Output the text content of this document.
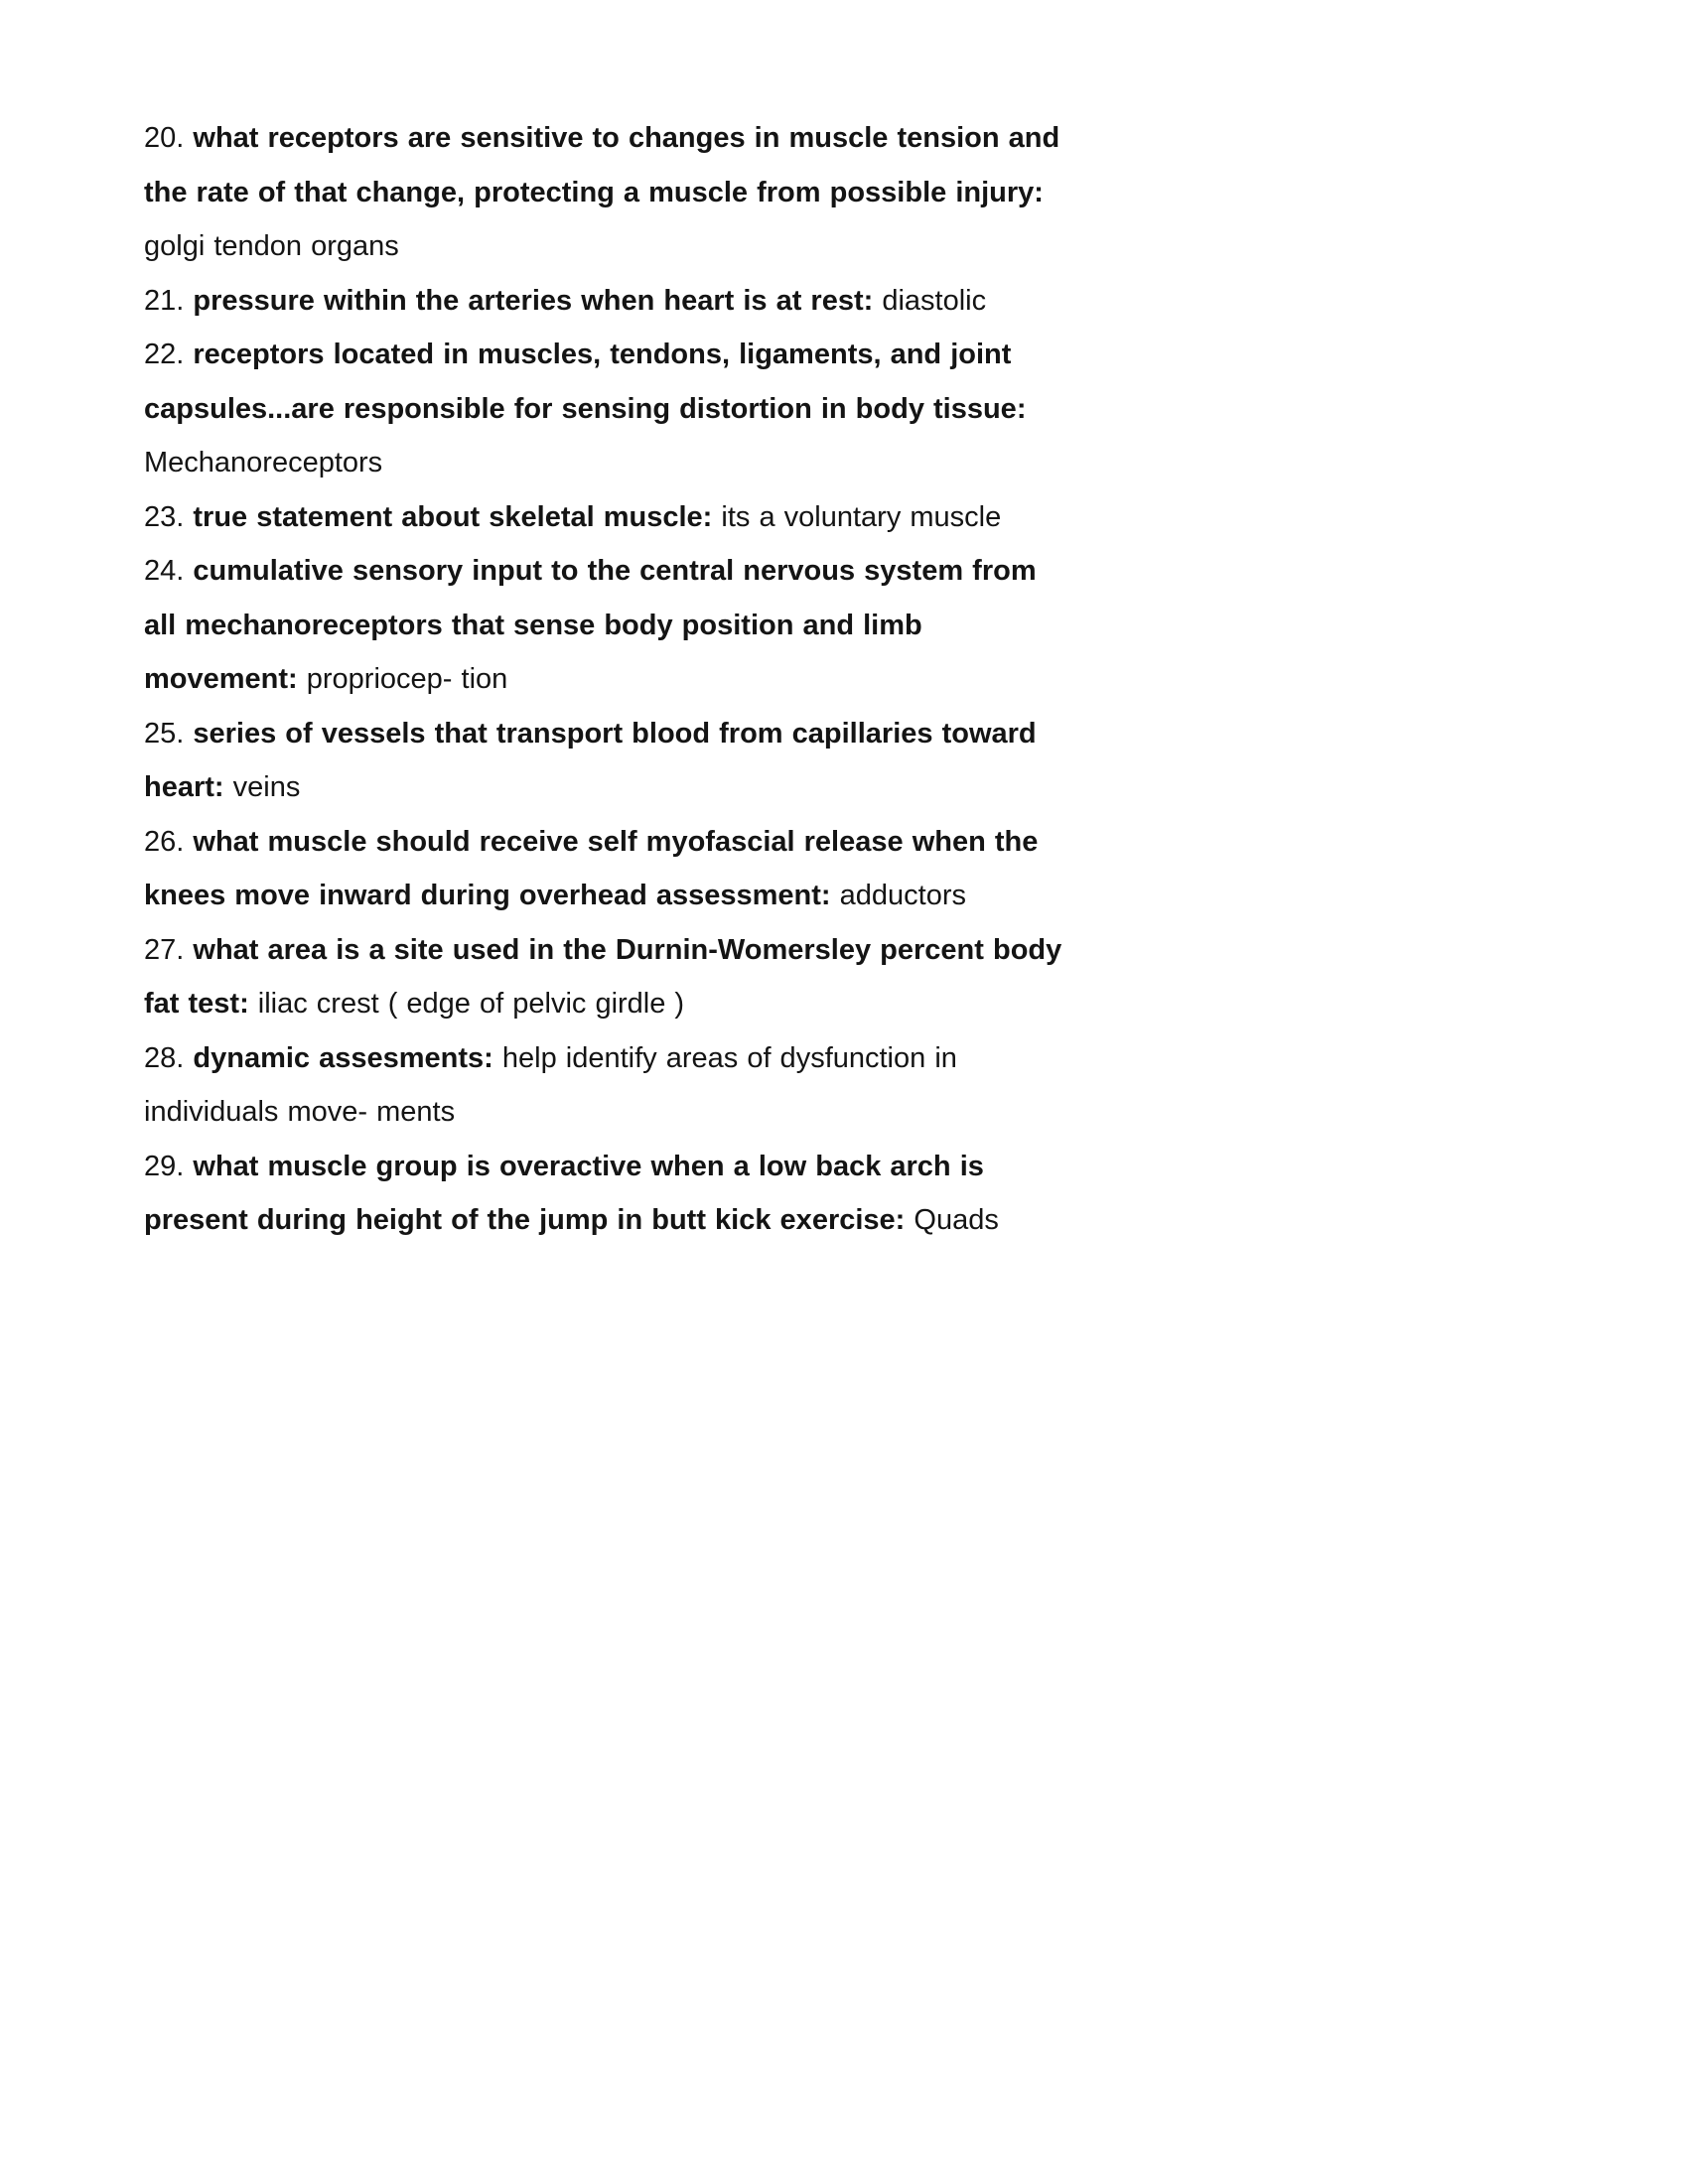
20. what receptors are sensitive to changes in muscle tension and the rate of that change, protecting a muscle from possible injury: golgi tendon organs

21. pressure within the arteries when heart is at rest: diastolic

22. receptors located in muscles, tendons, ligaments, and joint capsules...are responsible for sensing distortion in body tissue: Mechanoreceptors

23. true statement about skeletal muscle: its a voluntary muscle

24. cumulative sensory input to the central nervous system from all mechanoreceptors that sense body position and limb movement: propriocep- tion

25. series of vessels that transport blood from capillaries toward heart: veins

26. what muscle should receive self myofascial release when the knees move inward during overhead assessment: adductors

27. what area is a site used in the Durnin-Womersley percent body fat test: iliac crest ( edge of pelvic girdle )

28. dynamic assesments: help identify areas of dysfunction in individuals move- ments

29. what muscle group is overactive when a low back arch is present during height of the jump in butt kick exercise: Quads
